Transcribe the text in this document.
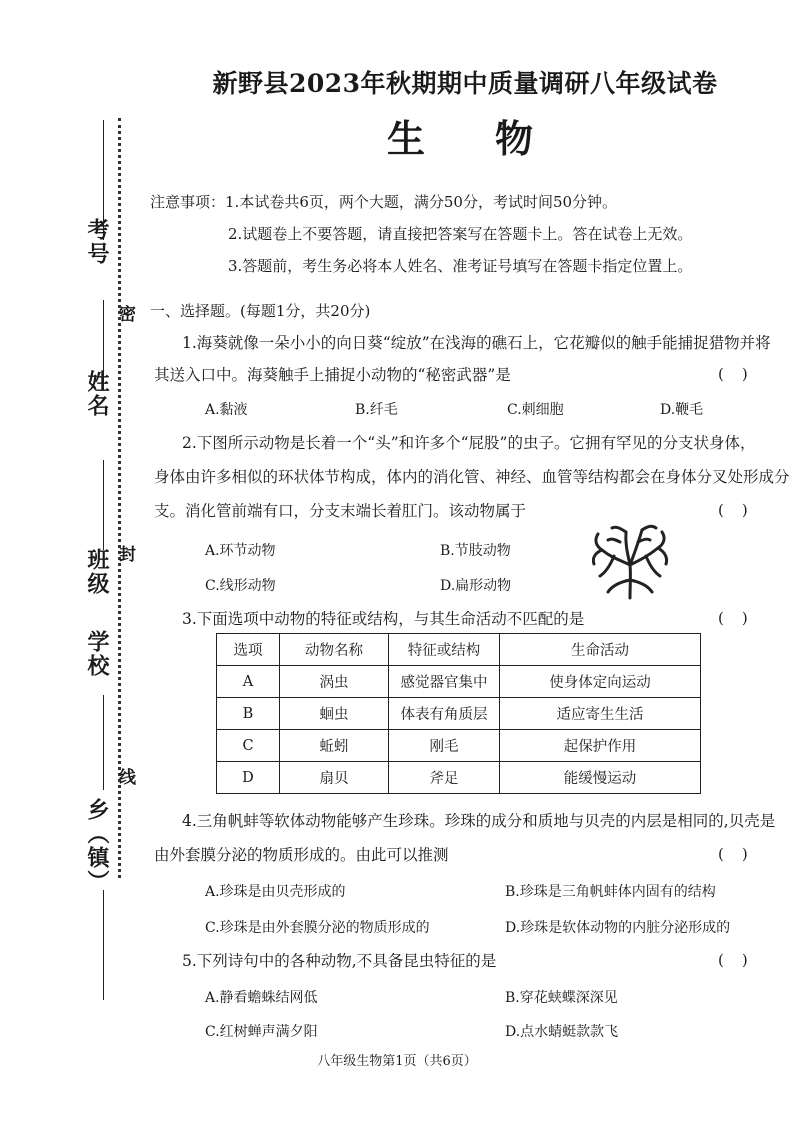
考号
密
姓名
封
班级
学校
线
乡（镇）
新野县2023年秋期期中质量调研八年级试卷
生物
注意事项：1.本试卷共6页，两个大题，满分50分，考试时间50分钟。
2.试题卷上不要答题，请直接把答案写在答题卡上。答在试卷上无效。
3.答题前，考生务必将本人姓名、准考证号填写在答题卡指定位置上。
一、选择题。(每题1分，共20分)
1.海葵就像一朵小小的向日葵“绽放”在浅海的礁石上，它花瓣似的触手能捕捉猎物并将
其送入口中。海葵触手上捕捉小动物的“秘密武器”是	()
A.黏液	B.纤毛	C.刺细胞	D.鞭毛
2.下图所示动物是长着一个“头”和许多个“屁股”的虫子。它拥有罕见的分支状身体，
身体由许多相似的环状体节构成，体内的消化管、神经、血管等结构都会在身体分叉处形成分
支。消化管前端有口，分支末端长着肛门。该动物属于	()
A.环节动物	B.节肢动物
C.线形动物	D.扁形动物
3.下面选项中动物的特征或结构，与其生命活动不匹配的是	()
选项	动物名称	特征或结构	生命活动
A	涡虫	感觉器官集中	使身体定向运动
B	蛔虫	体表有角质层	适应寄生生活
C	蚯蚓	刚毛	起保护作用
D	扇贝	斧足	能缓慢运动
4.三角帆蚌等软体动物能够产生珍珠。珍珠的成分和质地与贝壳的内层是相同的,贝壳是
由外套膜分泌的物质形成的。由此可以推测	()
A.珍珠是由贝壳形成的	B.珍珠是三角帆蚌体内固有的结构
C.珍珠是由外套膜分泌的物质形成的	D.珍珠是软体动物的内脏分泌形成的
5.下列诗句中的各种动物,不具备昆虫特征的是	()
A.静看蟾蛛结网低	B.穿花蛱蝶深深见
C.红树蝉声满夕阳	D.点水蜻蜓款款飞
八年级生物第1页（共6页）
